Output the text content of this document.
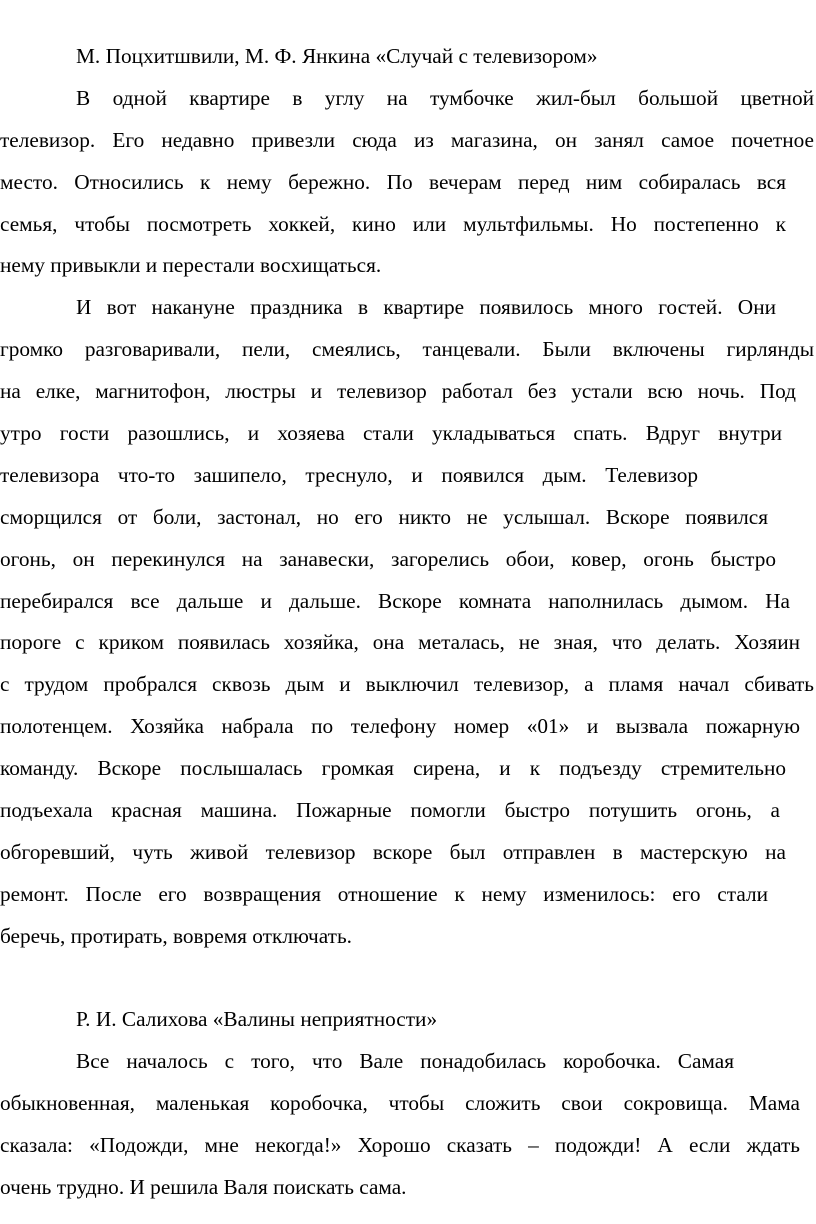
М. Поцхитшвили, М. Ф. Янкина «Случай с телевизором»
В одной квартире в углу на тумбочке жил-был большой цветной
телевизор. Его недавно привезли сюда из магазина, он занял самое почетное
место. Относились к нему бережно. По вечерам перед ним собиралась вся
семья, чтобы посмотреть хоккей, кино или мультфильмы. Но постепенно к
нему привыкли и перестали восхищаться.
И вот накануне праздника в квартире появилось много гостей. Они
громко разговаривали, пели, смеялись, танцевали. Были включены гирлянды
на елке, магнитофон, люстры и телевизор работал без устали всю ночь. Под
утро гости разошлись, и хозяева стали укладываться спать. Вдруг внутри
телевизора что-то зашипело, треснуло, и появился дым. Телевизор
сморщился от боли, застонал, но его никто не услышал. Вскоре появился
огонь, он перекинулся на занавески, загорелись обои, ковер, огонь быстро
перебирался все дальше и дальше. Вскоре комната наполнилась дымом. На
пороге с криком появилась хозяйка, она металась, не зная, что делать. Хозяин
с трудом пробрался сквозь дым и выключил телевизор, а пламя начал сбивать
полотенцем. Хозяйка набрала по телефону номер «01» и вызвала пожарную
команду. Вскоре послышалась громкая сирена, и к подъезду стремительно
подъехала красная машина. Пожарные помогли быстро потушить огонь, а
обгоревший, чуть живой телевизор вскоре был отправлен в мастерскую на
ремонт. После его возвращения отношение к нему изменилось: его стали
беречь, протирать, вовремя отключать.
Р. И. Салихова «Валины неприятности»
Все началось с того, что Вале понадобилась коробочка. Самая
обыкновенная, маленькая коробочка, чтобы сложить свои сокровища. Мама
сказала: «Подожди, мне некогда!» Хорошо сказать – подожди! А если ждать
очень трудно. И решила Валя поискать сама.
